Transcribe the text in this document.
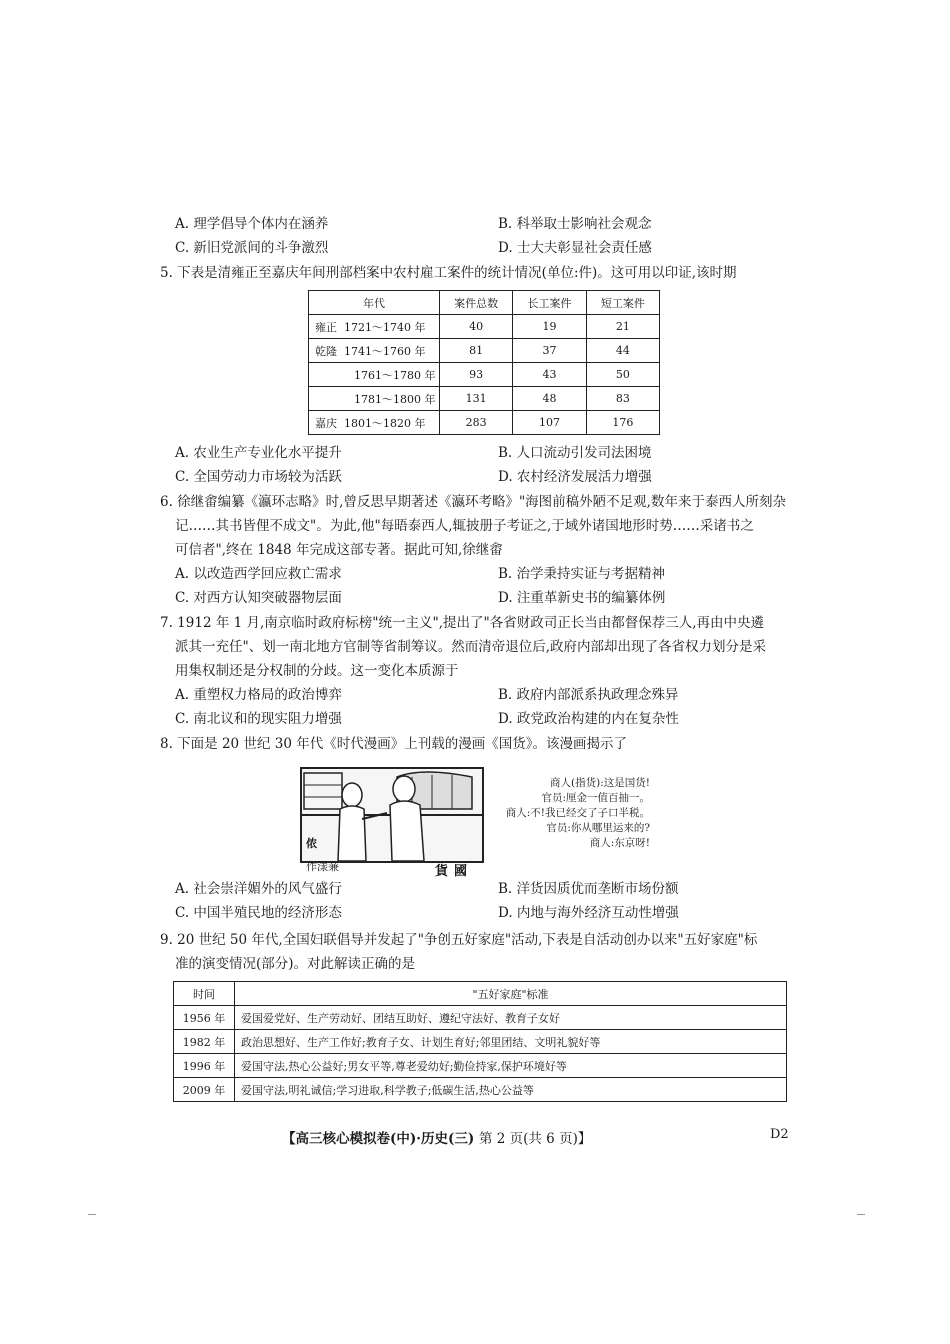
A. 理学倡导个体内在涵养	B. 科举取士影响社会观念
C. 新旧党派间的斗争激烈	D. 士大夫彰显社会责任感
5. 下表是清雍正至嘉庆年间刑部档案中农村雇工案件的统计情况(单位:件)。这可用以印证,该时期
年代	案件总数	长工案件	短工案件
雍正 1721～1740 年	40	19	21
乾隆 1741～1760 年	81	37	44
1761～1780 年	93	43	50
1781～1800 年	131	48	83
嘉庆 1801～1820 年	283	107	176
A. 农业生产专业化水平提升	B. 人口流动引发司法困境
C. 全国劳动力市场较为活跃	D. 农村经济发展活力增强
6. 徐继畬编纂《瀛环志略》时,曾反思早期著述《瀛环考略》"海图前稿外陋不足观,数年来于泰西人所刻杂
记……其书皆俚不成文"。为此,他"每晤泰西人,辄披册子考证之,于域外诸国地形时势……采诸书之
可信者",终在 1848 年完成这部专著。据此可知,徐继畬
A. 以改造西学回应救亡需求	B. 治学秉持实证与考据精神
C. 对西方认知突破器物层面	D. 注重革新史书的编纂体例
7. 1912 年 1 月,南京临时政府标榜"统一主义",提出了"各省财政司正长当由都督保荐三人,再由中央遴
派其一充任"、划一南北地方官制等省制筹议。然而清帝退位后,政府内部却出现了各省权力划分是采
用集权制还是分权制的分歧。这一变化本质源于
A. 重塑权力格局的政治博弈	B. 政府内部派系执政理念殊异
C. 南北议和的现实阻力增强	D. 政党政治构建的内在复杂性
8. 下面是 20 世纪 30 年代《时代漫画》上刊载的漫画《国货》。该漫画揭示了
侬
作漾蒹	貨國
商人(指货):这是国货!
官员:厘金一值百抽一。
商人:不!我已经交了子口半税。
官员:你从哪里运来的?
商人:东京呀!
A. 社会崇洋媚外的风气盛行	B. 洋货因质优而垄断市场份额
C. 中国半殖民地的经济形态	D. 内地与海外经济互动性增强
9. 20 世纪 50 年代,全国妇联倡导并发起了"争创五好家庭"活动,下表是自活动创办以来"五好家庭"标
准的演变情况(部分)。对此解读正确的是
时间	"五好家庭"标准
1956 年	爱国爱党好、生产劳动好、团结互助好、遵纪守法好、教育子女好
1982 年	政治思想好、生产工作好;教育子女、计划生育好;邻里团结、文明礼貌好等
1996 年	爱国守法,热心公益好;男女平等,尊老爱幼好;勤俭持家,保护环境好等
2009 年	爱国守法,明礼诚信;学习进取,科学教子;低碳生活,热心公益等
【高三核心模拟卷(中)·历史(三) 第 2 页(共 6 页)】	D2
